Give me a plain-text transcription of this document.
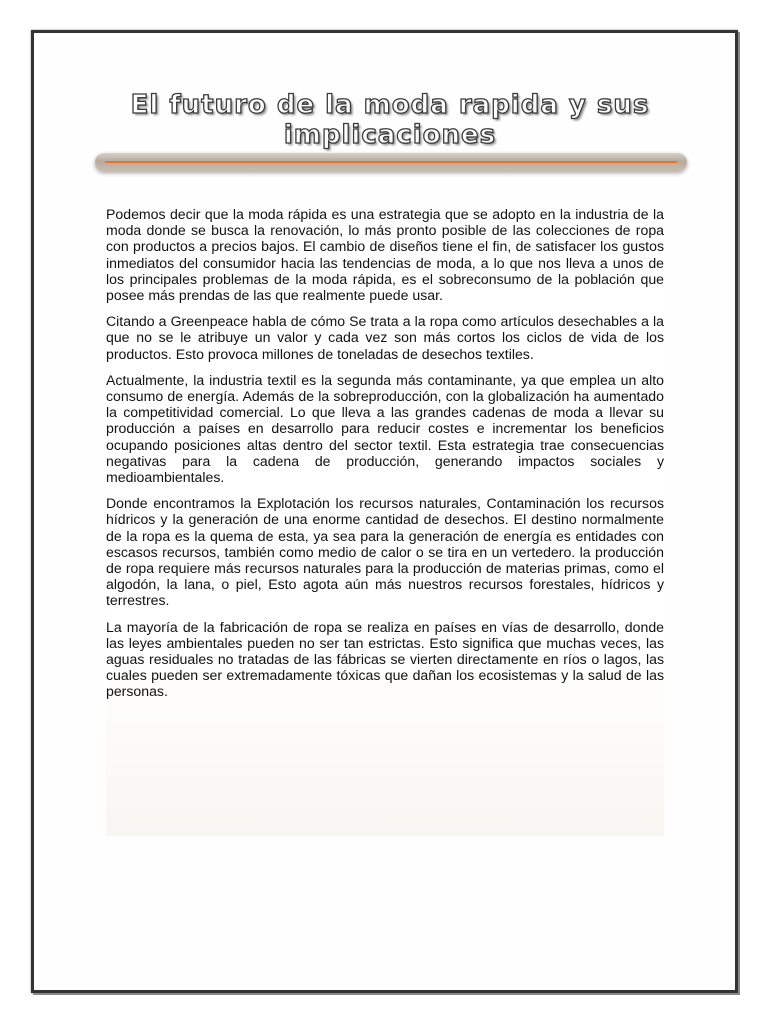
El futuro de la moda rapida y sus implicaciones

Podemos decir que la moda rápida es una estrategia que se adopto en la industria de la moda donde se busca la renovación, lo más pronto posible de las colecciones de ropa con productos a precios bajos. El cambio de diseños tiene el fin, de satisfacer los gustos inmediatos del consumidor hacia las tendencias de moda, a lo que nos lleva a unos de los principales problemas de la moda rápida, es el sobreconsumo de la población que posee más prendas de las que realmente puede usar.

Citando a Greenpeace habla de cómo Se trata a la ropa como artículos desechables a la que no se le atribuye un valor y cada vez son más cortos los ciclos de vida de los productos. Esto provoca millones de toneladas de desechos textiles.

Actualmente, la industria textil es la segunda más contaminante, ya que emplea un alto consumo de energía. Además de la sobreproducción, con la globalización ha aumentado la competitividad comercial. Lo que lleva a las grandes cadenas de moda a llevar su producción a países en desarrollo para reducir costes e incrementar los beneficios ocupando posiciones altas dentro del sector textil. Esta estrategia trae consecuencias negativas para la cadena de producción, generando impactos sociales y medioambientales.

Donde encontramos la Explotación los recursos naturales, Contaminación los recursos hídricos y la generación de una enorme cantidad de desechos. El destino normalmente de la ropa es la quema de esta, ya sea para la generación de energía es entidades con escasos recursos, también como medio de calor o se tira en un vertedero. la producción de ropa requiere más recursos naturales para la producción de materias primas, como el algodón, la lana, o piel, Esto agota aún más nuestros recursos forestales, hídricos y terrestres.

La mayoría de la fabricación de ropa se realiza en países en vías de desarrollo, donde las leyes ambientales pueden no ser tan estrictas. Esto significa que muchas veces, las aguas residuales no tratadas de las fábricas se vierten directamente en ríos o lagos, las cuales pueden ser extremadamente tóxicas que dañan los ecosistemas y la salud de las personas.
